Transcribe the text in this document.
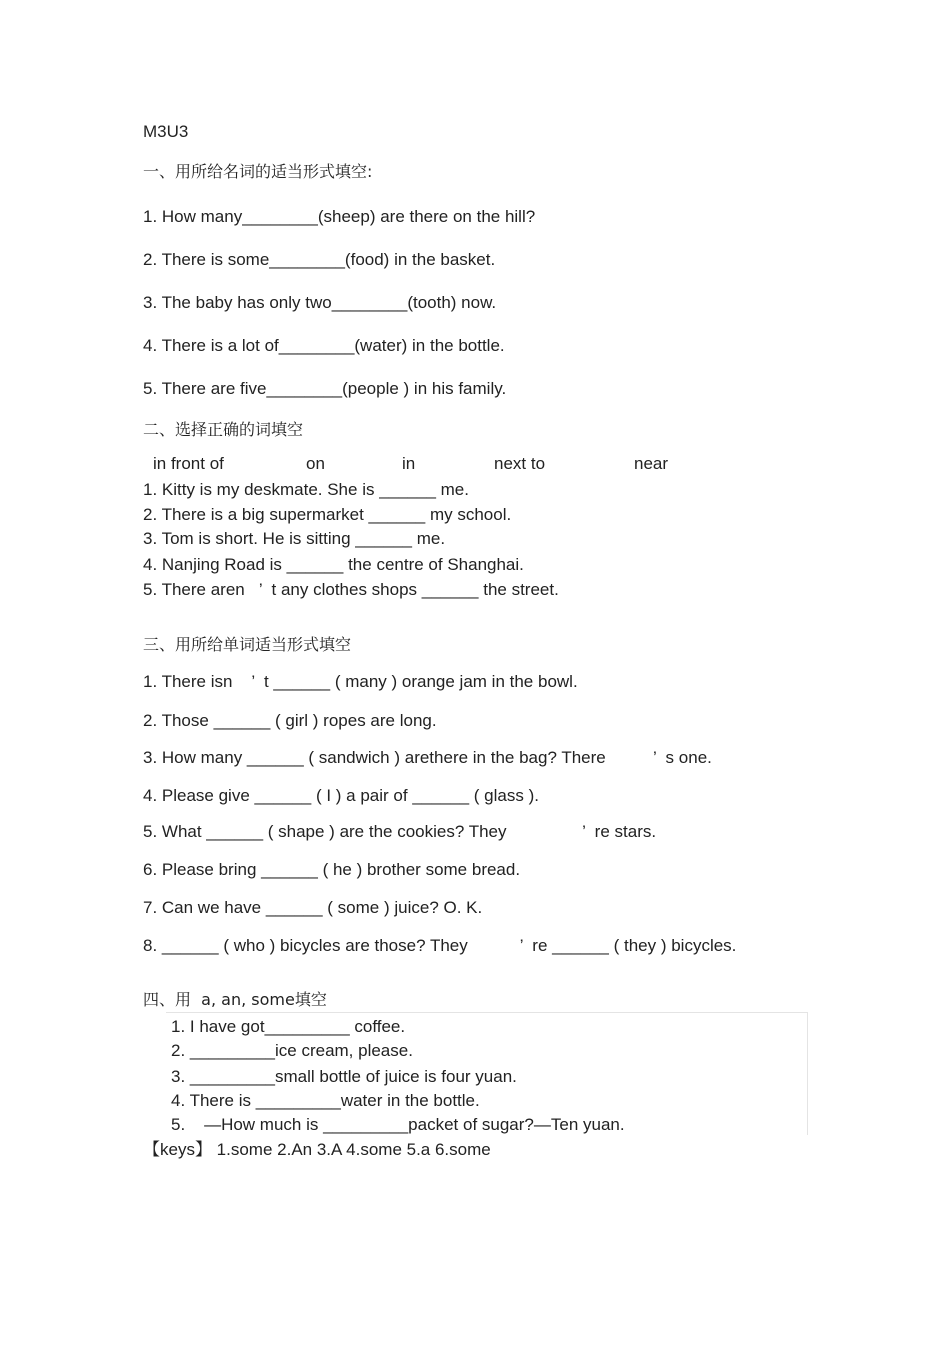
M3U3
一、用所给名词的适当形式填空:
1. How many________(sheep) are there on the hill?
2. There is some________(food) in the basket.
3. The baby has only two________(tooth) now.
4. There is a lot of________(water) in the bottle.
5. There are five________(people ) in his family.
二、选择正确的词填空
in front of	on	in	next to	near
1. Kitty is my deskmate. She is ______ me.
2. There is a big supermarket ______ my school.
3. Tom is short. He is sitting ______ me.
4. Nanjing Road is ______ the centre of Shanghai.
5. There aren   ’  t any clothes shops ______ the street.
三、用所给单词适当形式填空
1. There isn    ’  t ______ ( many ) orange jam in the bowl.
2. Those ______ ( girl ) ropes are long.
3. How many ______ ( sandwich ) arethere in the bag? There          ’  s one.
4. Please give ______ ( I ) a pair of ______ ( glass ).
5. What ______ ( shape ) are the cookies? They                ’  re stars.
6. Please bring ______ ( he ) brother some bread.
7. Can we have ______ ( some ) juice? O. K.
8. ______ ( who ) bicycles are those? They           ’  re ______ ( they ) bicycles.
四、用  a, an, some填空
1. I have got_________ coffee.
2. _________ice cream, please.
3. _________small bottle of juice is four yuan.
4. There is _________water in the bottle.
5.    —How much is _________packet of sugar?—Ten yuan.
【keys】 1.some 2.An 3.A 4.some 5.a 6.some
